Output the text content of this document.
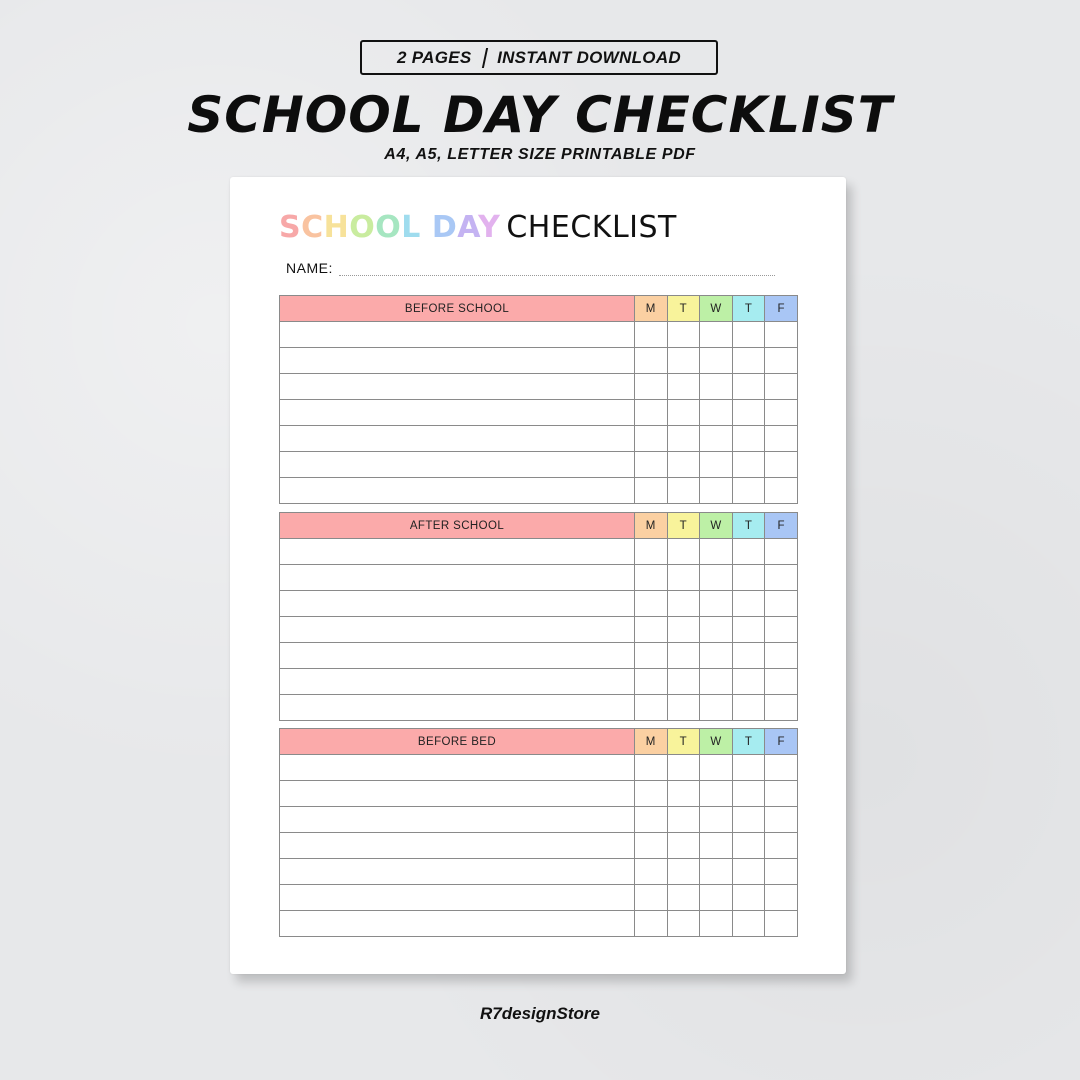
2 PAGES INSTANT DOWNLOAD
SCHOOL DAY CHECKLIST
A4, A5, LETTER SIZE PRINTABLE PDF
SCHOOL DAY CHECKLIST
NAME:
BEFORE SCHOOL	M	T	W	T	F

AFTER SCHOOL	M	T	W	T	F

BEFORE BED	M	T	W	T	F

R7designStore
